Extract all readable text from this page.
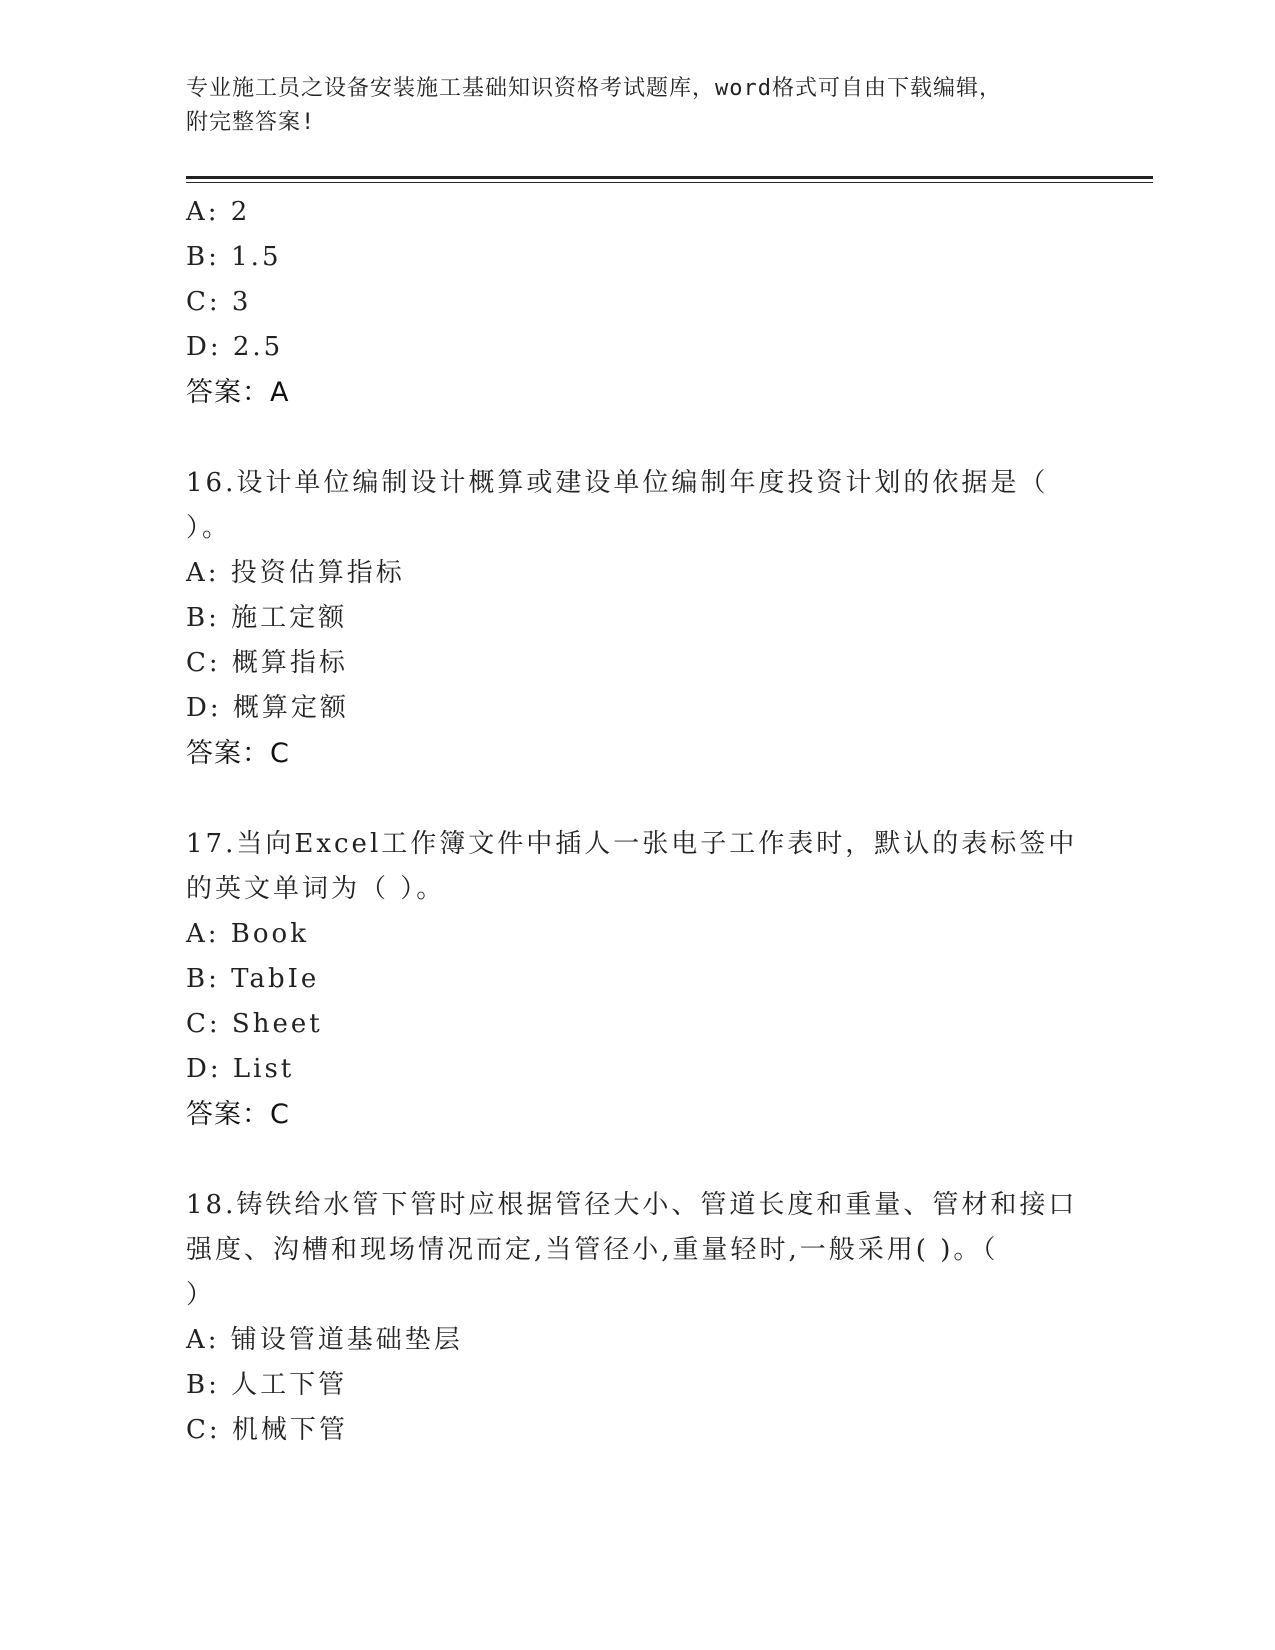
专业施工员之设备安装施工基础知识资格考试题库，word格式可自由下载编辑，
附完整答案!
A: 2
B: 1.5
C: 3
D: 2.5
答案：A
16.设计单位编制设计概算或建设单位编制年度投资计划的依据是（
）。
A: 投资估算指标
B: 施工定额
C: 概算指标
D: 概算定额
答案：C
17.当向Excel工作簿文件中插人一张电子工作表时，默认的表标签中
的英文单词为（ ）。
A: Book
B: TabIe
C: Sheet
D: List
答案：C
18.铸铁给水管下管时应根据管径大小、管道长度和重量、管材和接口
强度、沟槽和现场情况而定,当管径小,重量轻时,一般采用( )。（
）
A: 铺设管道基础垫层
B: 人工下管
C: 机械下管
